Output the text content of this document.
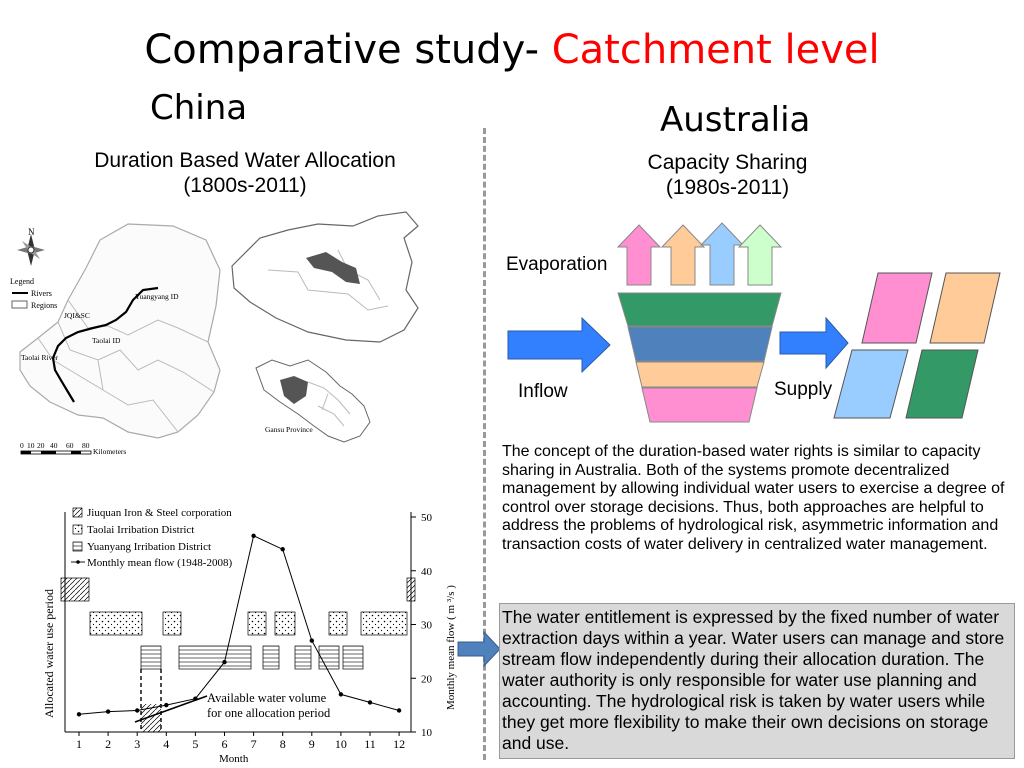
Comparative study- Catchment level
China	Australia
Duration Based Water Allocation
(1800s-2011)
Capacity Sharing
(1980s-2011)
N
Legend
Rivers
Regions
Yuangyang ID
JQI&SC
Taolai ID
Taolai River
0 10 20 40 60 80
Kilometers
Gansu Province
Jiuquan Iron & Steel corporation
Taolai Irribation District
Yuanyang Irribation District
Monthly mean flow (1948-2008)
1 2 3 4 5 6 7 8 9 10 11 12
10
20
30
40
50
Available water volume
for one allocation period
Allocated water use period	Monthly mean flow ( m ³/s )
Month
Evaporation
Inflow	Supply
The concept of the duration-based water rights is similar to capacity sharing in Australia. Both of the systems promote decentralized management by allowing individual water users to exercise a degree of control over storage decisions. Thus, both approaches are helpful to address the problems of hydrological risk, asymmetric information and transaction costs of water delivery in centralized water management.
The water entitlement is expressed by the fixed number of water extraction days within a year. Water users can manage and store stream flow independently during their allocation duration. The water authority is only responsible for water use planning and accounting. The hydrological risk is taken by water users while they get more flexibility to make their own decisions on storage and use.
